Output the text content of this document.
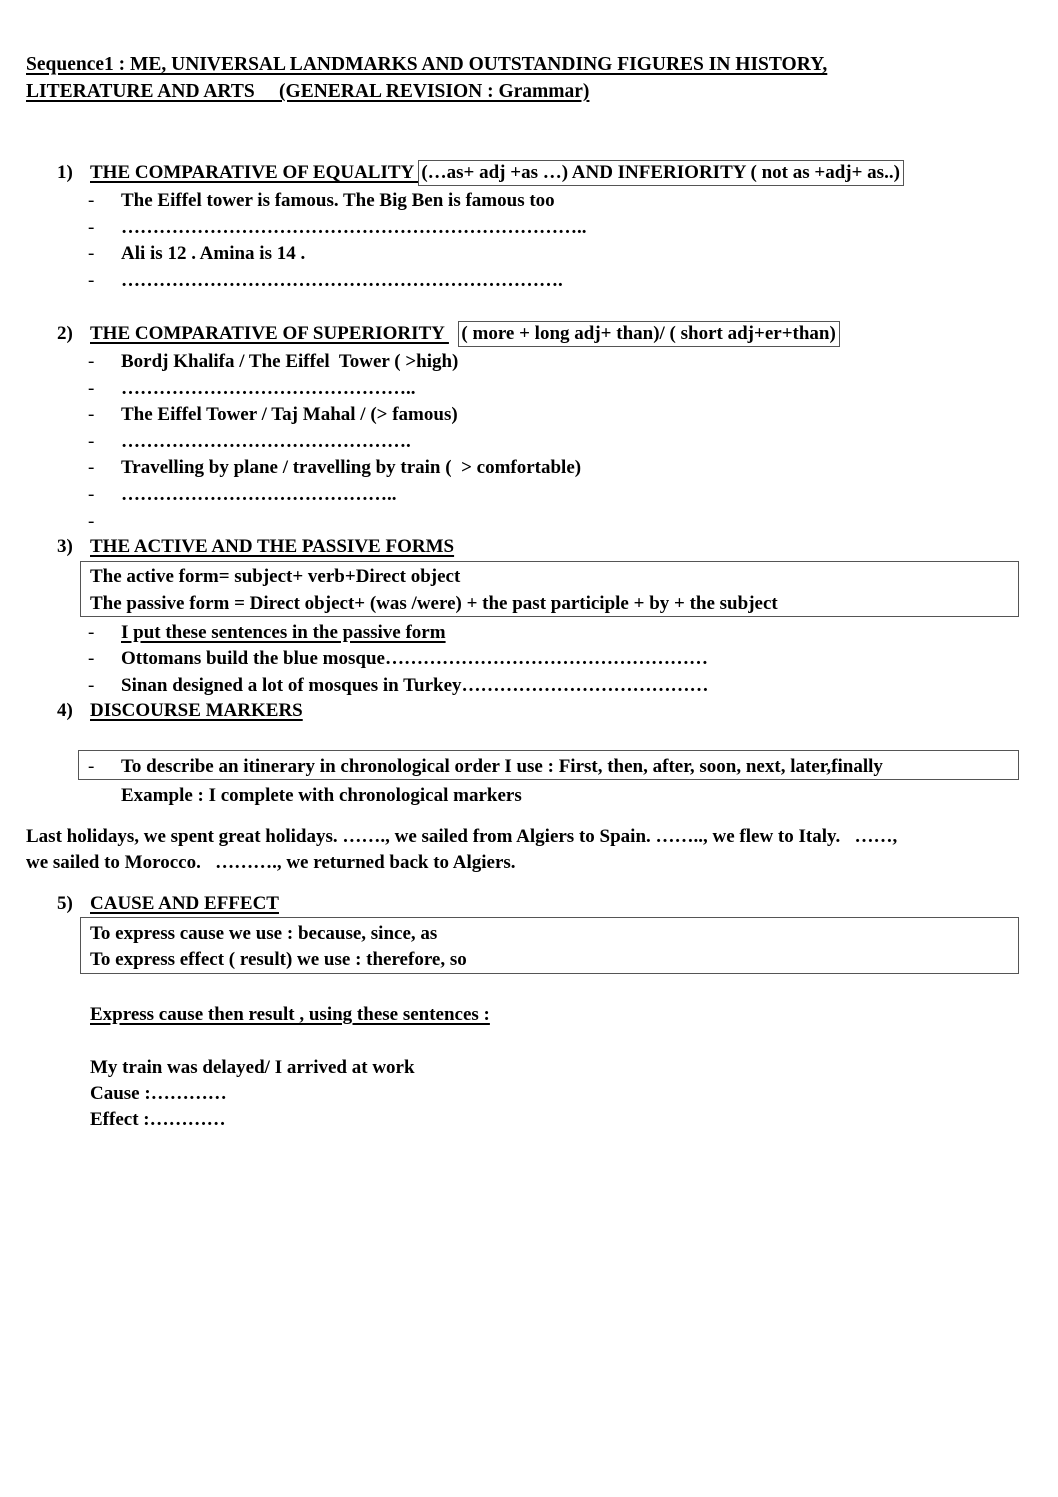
Sequence1 : ME, UNIVERSAL LANDMARKS AND OUTSTANDING FIGURES IN HISTORY,
LITERATURE AND ARTS     (GENERAL REVISION : Grammar)
1) THE COMPARATIVE OF EQUALITY (…as+ adj +as …) AND INFERIORITY ( not as +adj+ as..)
- The Eiffel tower is famous. The Big Ben is famous too
- ………………………………………………………………..
- Ali is 12 . Amina is 14 .
- …………………………………………………………….
2) THE COMPARATIVE OF SUPERIORITY   ( more + long adj+ than)/ ( short adj+er+than)
- Bordj Khalifa / The Eiffel  Tower ( >high)
- ………………………………………..
- The Eiffel Tower / Taj Mahal / (> famous)
- ……………………………………….
- Travelling by plane / travelling by train (  > comfortable)
- ……………………………………..
-
3) THE ACTIVE AND THE PASSIVE FORMS
The active form= subject+ verb+Direct object
The passive form = Direct object+ (was /were) + the past participle + by + the subject
- I put these sentences in the passive form
- Ottomans build the blue mosque……………………………………………
- Sinan designed a lot of mosques in Turkey…………………………………
4) DISCOURSE MARKERS
- To describe an itinerary in chronological order I use : First, then, after, soon, next, later,finally
Example : I complete with chronological markers
Last holidays, we spent great holidays. ……., we sailed from Algiers to Spain. …….., we flew to Italy.   ……,
we sailed to Morocco.   ………., we returned back to Algiers.
5) CAUSE AND EFFECT
To express cause we use : because, since, as
To express effect ( result) we use : therefore, so
Express cause then result , using these sentences :
My train was delayed/ I arrived at work
Cause :…………
Effect :…………
